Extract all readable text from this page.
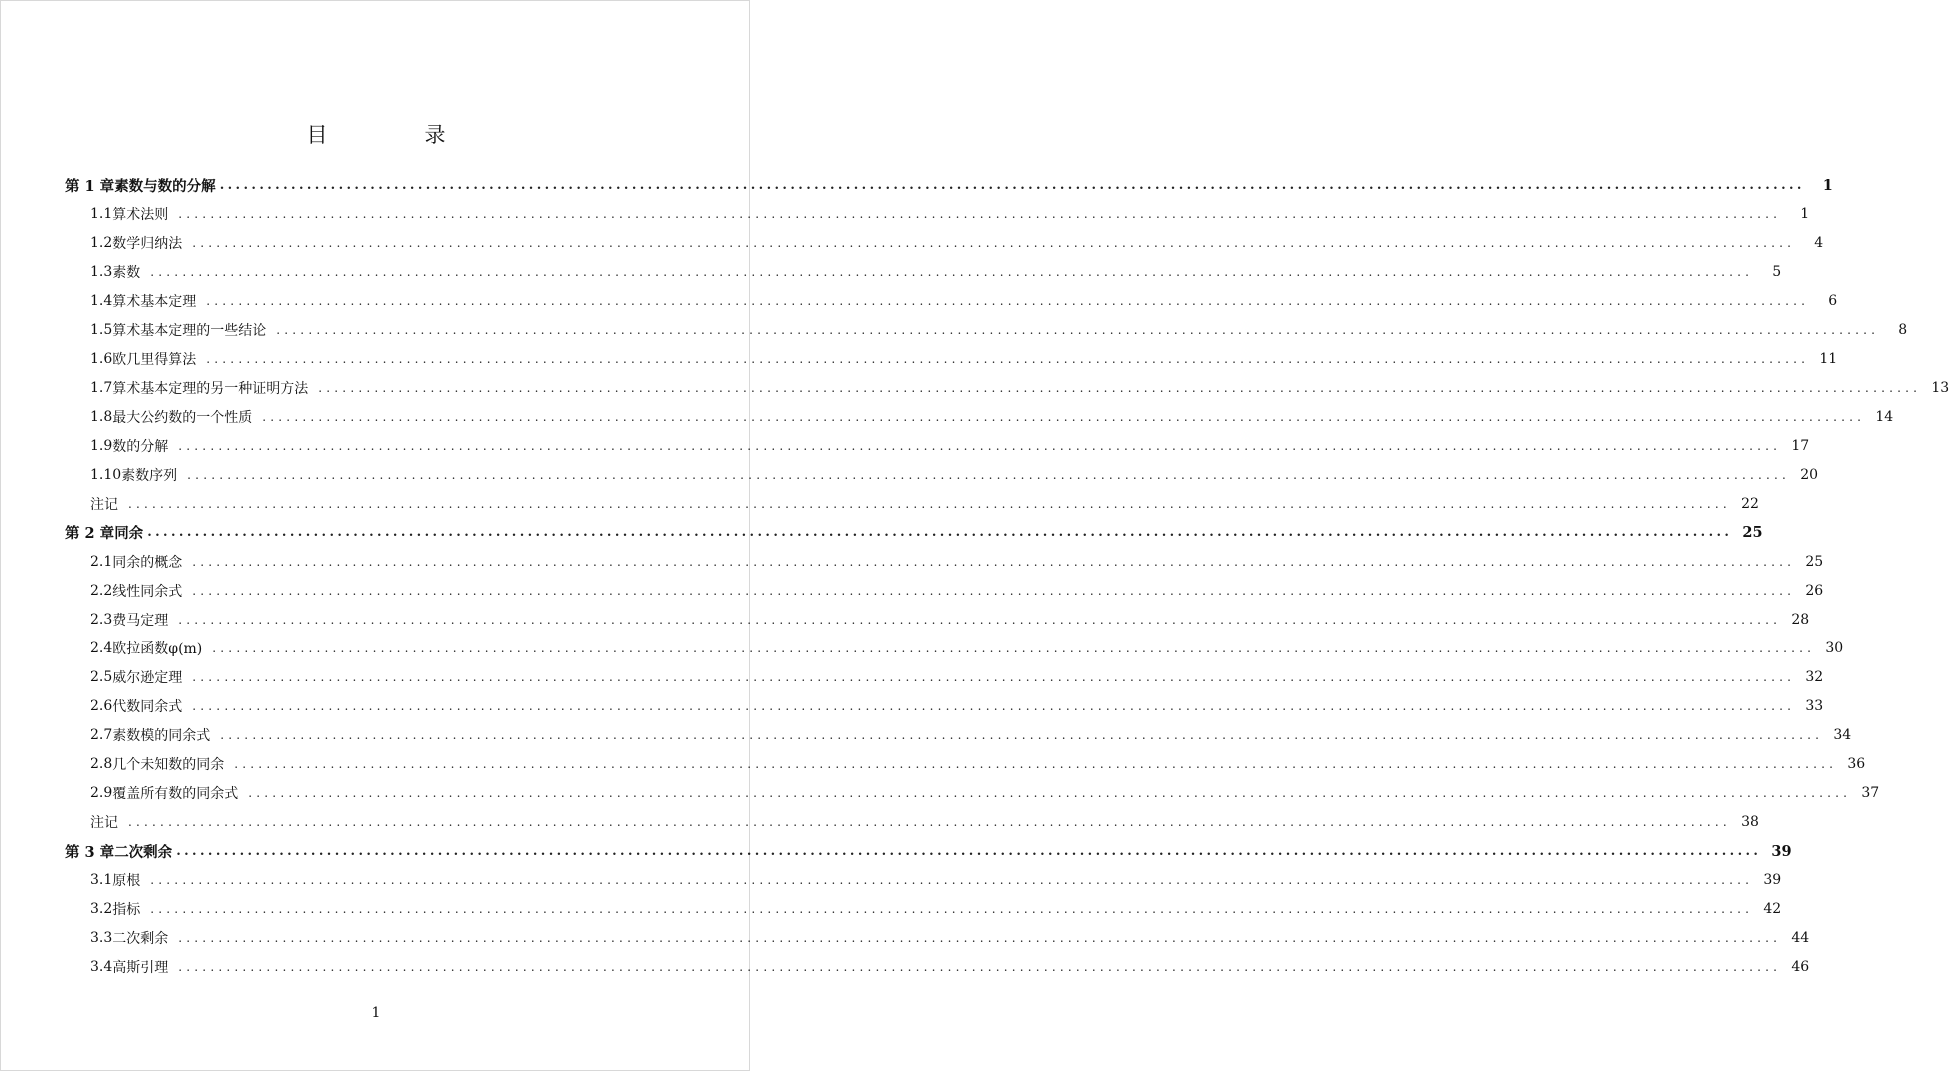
目　录
第 1 章 素数与数的分解 ........................................................................................................................................................................................................	1
1.1 算术法则 ........................................................................................................................................................................................................	1
1.2 数学归纳法 ........................................................................................................................................................................................................	4
1.3 素数 ........................................................................................................................................................................................................	5
1.4 算术基本定理 ........................................................................................................................................................................................................	6
1.5 算术基本定理的一些结论 ........................................................................................................................................................................................................	8
1.6 欧几里得算法 ........................................................................................................................................................................................................ 11
1.7 算术基本定理的另一种证明方法 ........................................................................................................................................................................................................ 13
1.8 最大公约数的一个性质 ........................................................................................................................................................................................................ 14
1.9 数的分解 ........................................................................................................................................................................................................ 17
1.10 素数序列 ........................................................................................................................................................................................................ 20
注记 ........................................................................................................................................................................................................ 22
第 2 章 同余 ........................................................................................................................................................................................................ 25
2.1 同余的概念 ........................................................................................................................................................................................................ 25
2.2 线性同余式 ........................................................................................................................................................................................................ 26
2.3 费马定理 ........................................................................................................................................................................................................ 28
2.4 欧拉函数φ(m) ........................................................................................................................................................................................................ 30
2.5 威尔逊定理 ........................................................................................................................................................................................................ 32
2.6 代数同余式 ........................................................................................................................................................................................................ 33
2.7 素数模的同余式 ........................................................................................................................................................................................................ 34
2.8 几个未知数的同余 ........................................................................................................................................................................................................ 36
2.9 覆盖所有数的同余式 ........................................................................................................................................................................................................ 37
注记 ........................................................................................................................................................................................................ 38
第 3 章 二次剩余 ........................................................................................................................................................................................................ 39
3.1 原根 ........................................................................................................................................................................................................ 39
3.2 指标 ........................................................................................................................................................................................................ 42
3.3 二次剩余 ........................................................................................................................................................................................................ 44
3.4 高斯引理 ........................................................................................................................................................................................................ 46
1
